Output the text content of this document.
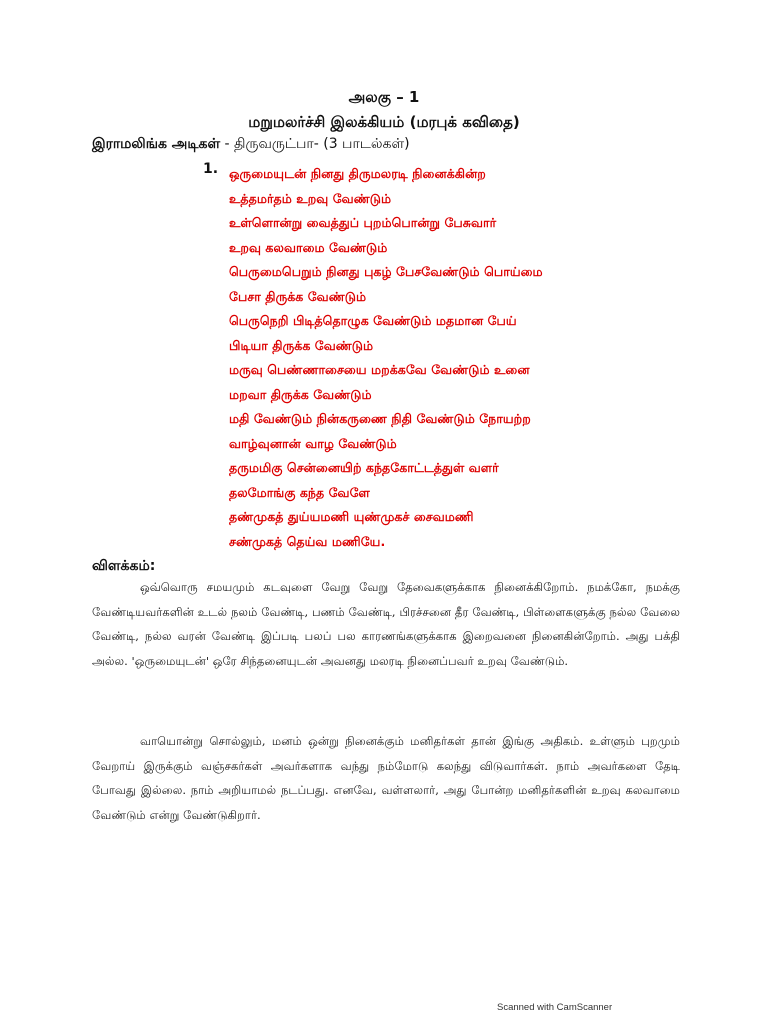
அலகு – 1
மறுமலர்ச்சி இலக்கியம் (மரபுக் கவிதை)
இராமலிங்க அடிகள் - திருவருட்பா- (3 பாடல்கள்)
1. ஒருமையுடன் நினது திருமலரடி நினைக்கின்ற
உத்தமர்தம் உறவு வேண்டும்
உள்ளொன்று வைத்துப் புறம்பொன்று பேசுவார்
உறவு கலவாமை வேண்டும்
பெருமைபெறும் நினது புகழ் பேசவேண்டும் பொய்மை
பேசா திருக்க வேண்டும்
பெருநெறி பிடித்தொழுக வேண்டும் மதமான பேய்
பிடியா திருக்க வேண்டும்
மருவு பெண்ணாசையை மறக்கவே வேண்டும் உனை
மறவா திருக்க வேண்டும்
மதி வேண்டும் நின்கருணை நிதி வேண்டும் நோயற்ற
வாழ்வுனான் வாழ வேண்டும்
தருமமிகு சென்னையிற் கந்தகோட்டத்துள் வளர்
தலமோங்கு கந்த வேளே
தண்முகத் துய்யமணி யுண்முகச் சைவமணி
சண்முகத் தெய்வ மணியே.
விளக்கம்:

ஒவ்வொரு சமயமும் கடவுளை வேறு வேறு தேவைகளுக்காக நினைக்கிறோம். நமக்கோ, நமக்கு வேண்டியவர்களின் உடல் நலம் வேண்டி, பணம் வேண்டி, பிரச்சனை தீர வேண்டி, பிள்ளைகளுக்கு நல்ல வேலை வேண்டி, நல்ல வரன் வேண்டி இப்படி பலப் பல காரணங்களுக்காக இறைவனை நினைகின்றோம். அது பக்தி அல்ல. 'ஒருமையுடன்' ஒரே சிந்தனையுடன் அவனது மலரடி நினைப்பவர் உறவு வேண்டும்.

வாயொன்று சொல்லும், மனம் ஒன்று நினைக்கும் மனிதர்கள் தான் இங்கு அதிகம். உள்ளும் புறமும் வேறாய் இருக்கும் வஞ்சகர்கள் அவர்களாக வந்து நம்மோடு கலந்து விடுவார்கள். நாம் அவர்களை தேடி போவது இல்லை. நாம் அறியாமல் நடப்பது. எனவே, வள்ளலார், அது போன்ற மனிதர்களின் உறவு கலவாமை வேண்டும் என்று வேண்டுகிறார்.

Scanned with CamScanner
